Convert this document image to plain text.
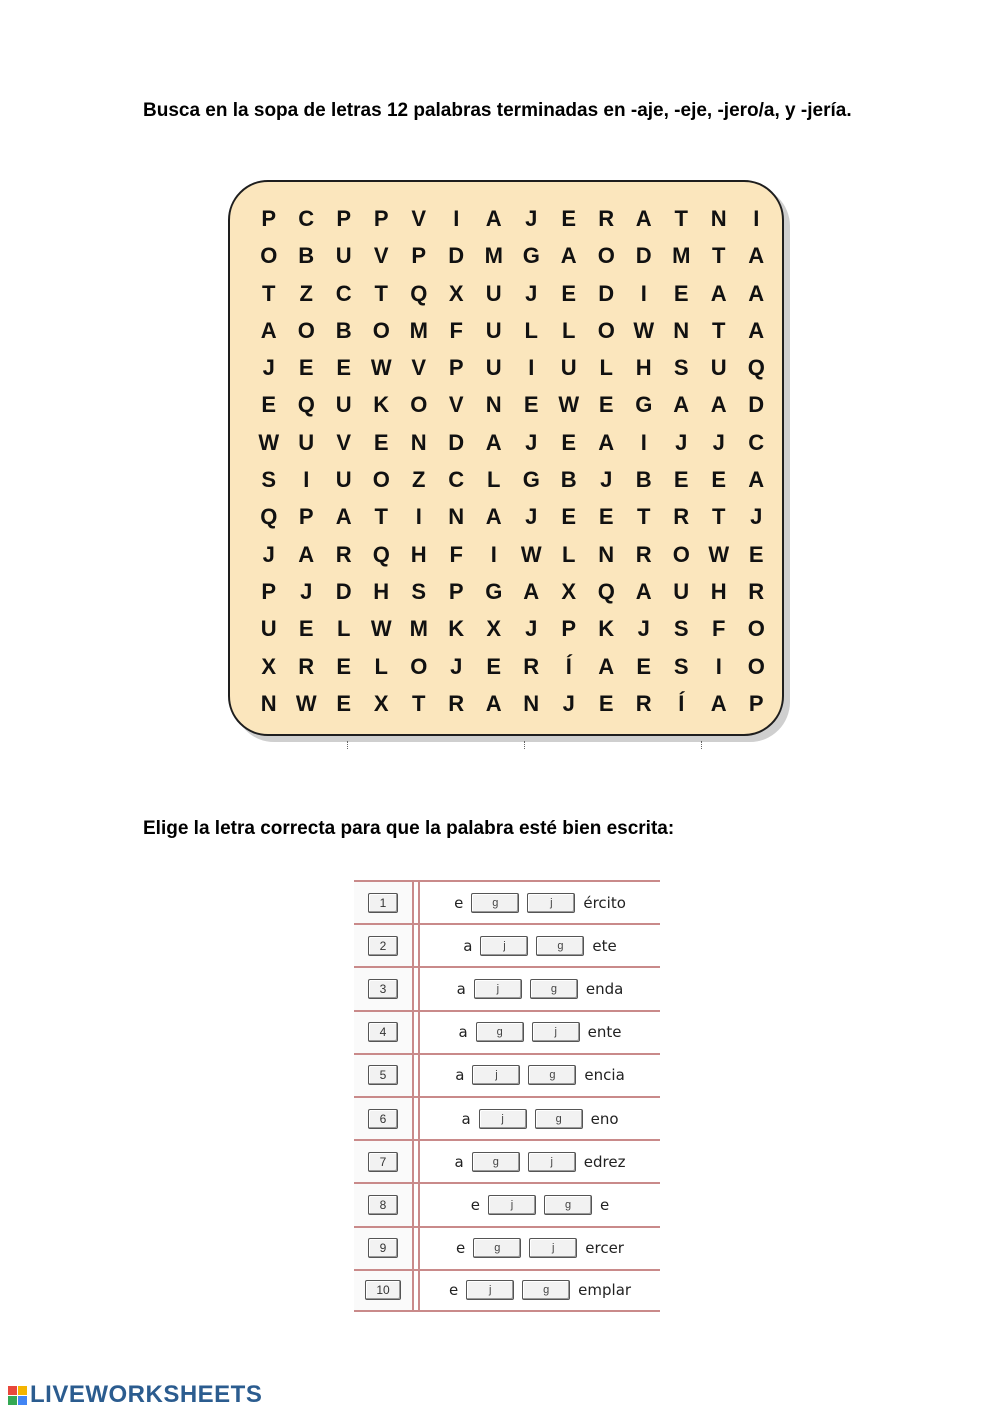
Busca en la sopa de letras 12 palabras terminadas en -aje, -eje, -jero/a, y -jería.

P	C	P	P	V	I	A	J	E	R A	T	N	I
O B U	V	P	D M G A O D M T	A
T	Z	C	T	Q X	U	J	E	D	I	E	A A
A O B O M F	U	L	L	O W N	T	A
J	E	E W V	P	U	I	U	L	H	S	U Q
E Q U K O V	N	E W E G A A D
W U	V	E	N D A	J	E	A	I	J	J	C
S	I	U O	Z	C	L	G B	J	B	E	E	A
Q P	A	T	I	N A	J	E	E	T	R	T	J
J	A R Q H	F	I	W L	N R O W E
P	J	D H	S	P G A	X Q A U H R
U	E	L W M K	X	J	P	K	J	S	F	O
X	R	E	L	O	J	E	R	Í	A	E	S	I	O
N W E	X	T	R A N	J	E	R	Í	A	P

Elige la letra correcta para que la palabra esté bien escrita:

1	e	g	j	ército
2	a	j	g	ete
3	a	j	g	enda
4	a	g	j	ente
5	a	j	g	encia
6	a	j	g	eno
7	a	g	j	edrez
8	e	j	g	e
9	e	g	j	ercer
10	e	j	g	emplar
LIVEWORKSHEETS
